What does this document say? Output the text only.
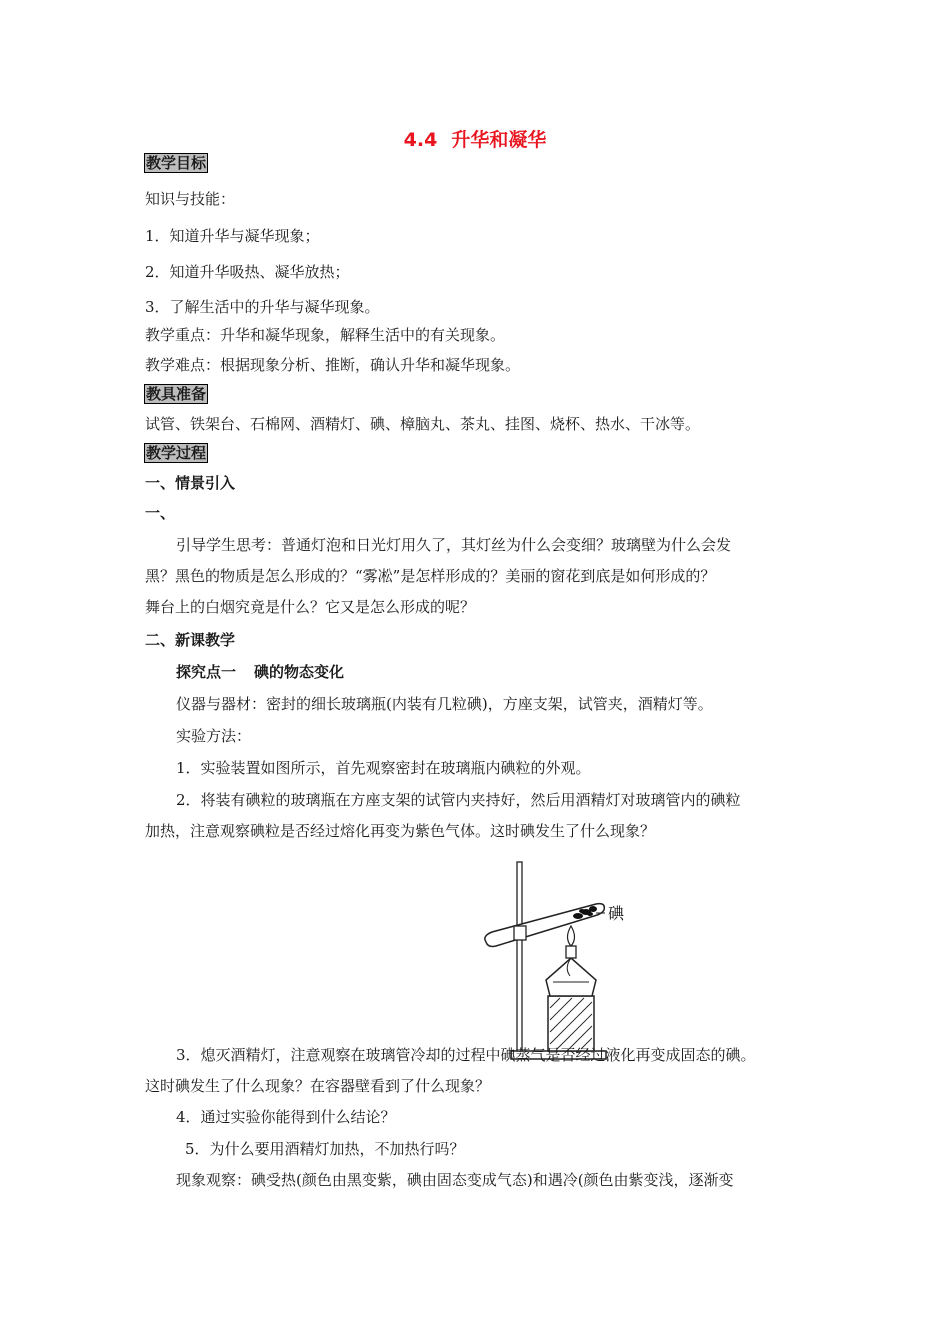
4.4 升华和凝华
教学目标
知识与技能：
1．知道升华与凝华现象；
2．知道升华吸热、凝华放热；
3．了解生活中的升华与凝华现象。
教学重点：升华和凝华现象，解释生活中的有关现象。
教学难点：根据现象分析、推断，确认升华和凝华现象。
教具准备
试管、铁架台、石棉网、酒精灯、碘、樟脑丸、茶丸、挂图、烧杯、热水、干冰等。
教学过程
一、情景引入
一、
引导学生思考：普通灯泡和日光灯用久了，其灯丝为什么会变细？玻璃壁为什么会发
黑？黑色的物质是怎么形成的？“雾凇”是怎样形成的？美丽的窗花到底是如何形成的？
舞台上的白烟究竟是什么？它又是怎么形成的呢？
二、新课教学
探究点一 碘的物态变化
仪器与器材：密封的细长玻璃瓶(内装有几粒碘)，方座支架，试管夹，酒精灯等。
实验方法：
1．实验装置如图所示，首先观察密封在玻璃瓶内碘粒的外观。
2．将装有碘粒的玻璃瓶在方座支架的试管内夹持好，然后用酒精灯对玻璃管内的碘粒
加热，注意观察碘粒是否经过熔化再变为紫色气体。这时碘发生了什么现象？
碘
3．熄灭酒精灯，注意观察在玻璃管冷却的过程中碘蒸气是否经过液化再变成固态的碘。
这时碘发生了什么现象？在容器壁看到了什么现象？
4．通过实验你能得到什么结论？
5．为什么要用酒精灯加热，不加热行吗？
现象观察：碘受热(颜色由黑变紫，碘由固态变成气态)和遇冷(颜色由紫变浅，逐渐变
